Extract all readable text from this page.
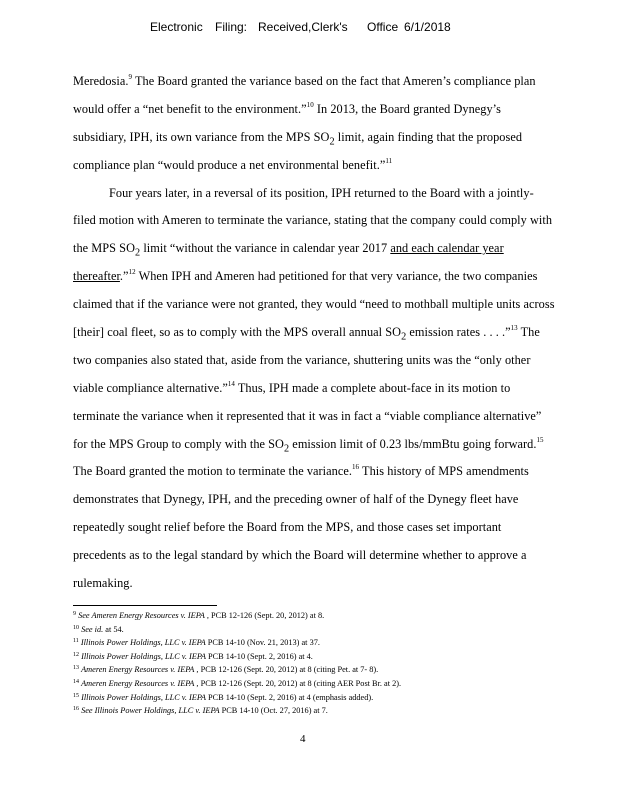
Electronic Filing: Received,Clerk's Office 6/1/2018
Meredosia.$^9$ The Board granted the variance based on the fact that Ameren’s compliance plan
would offer a “net benefit to the environment.”$^{10}$ In 2013, the Board granted Dynegy’s
subsidiary, IPH, its own variance from the MPS $SO_2$ limit, again finding that the proposed
compliance plan “would produce a net environmental benefit.”$^{11}$
Four years later, in a reversal of its position, IPH returned to the Board with a jointly-
filed motion with Ameren to terminate the variance, stating that the company could comply with
the MPS $SO_2$ limit “without the variance in calendar year 2017 and each calendar year
thereafter.”$^{12}$ When IPH and Ameren had petitioned for that very variance, the two companies
claimed that if the variance were not granted, they would “need to mothball multiple units across
[their] coal fleet, so as to comply with the MPS overall annual $SO_2$ emission rates . . . .”$^{13}$ The
two companies also stated that, aside from the variance, shuttering units was the “only other
viable compliance alternative.”$^{14}$ Thus, IPH made a complete about-face in its motion to
terminate the variance when it represented that it was in fact a “viable compliance alternative”
for the MPS Group to comply with the $SO_2$ emission limit of 0.23 lbs/mmBtu going forward.$^{15}$
The Board granted the motion to terminate the variance.$^{16}$ This history of MPS amendments
demonstrates that Dynegy, IPH, and the preceding owner of half of the Dynegy fleet have
repeatedly sought relief before the Board from the MPS, and those cases set important
precedents as to the legal standard by which the Board will determine whether to approve a
rulemaking.
$^9$ See Ameren Energy Resources v. IEPA , PCB 12-126 (Sept. 20, 2012) at 8.
$^{10}$ See id. at 54.
$^{11}$ Illinois Power Holdings, LLC v. IEPA PCB 14-10 (Nov. 21, 2013) at 37.
$^{12}$ Illinois Power Holdings, LLC v. IEPA PCB 14-10 (Sept. 2, 2016) at 4.
$^{13}$ Ameren Energy Resources v. IEPA , PCB 12-126 (Sept. 20, 2012) at 8 (citing Pet. at 7- 8).
$^{14}$ Ameren Energy Resources v. IEPA , PCB 12-126 (Sept. 20, 2012) at 8 (citing AER Post Br. at 2).
$^{15}$ Illinois Power Holdings, LLC v. IEPA PCB 14-10 (Sept. 2, 2016) at 4 (emphasis added).
$^{16}$ See Illinois Power Holdings, LLC v. IEPA PCB 14-10 (Oct. 27, 2016) at 7.
4
